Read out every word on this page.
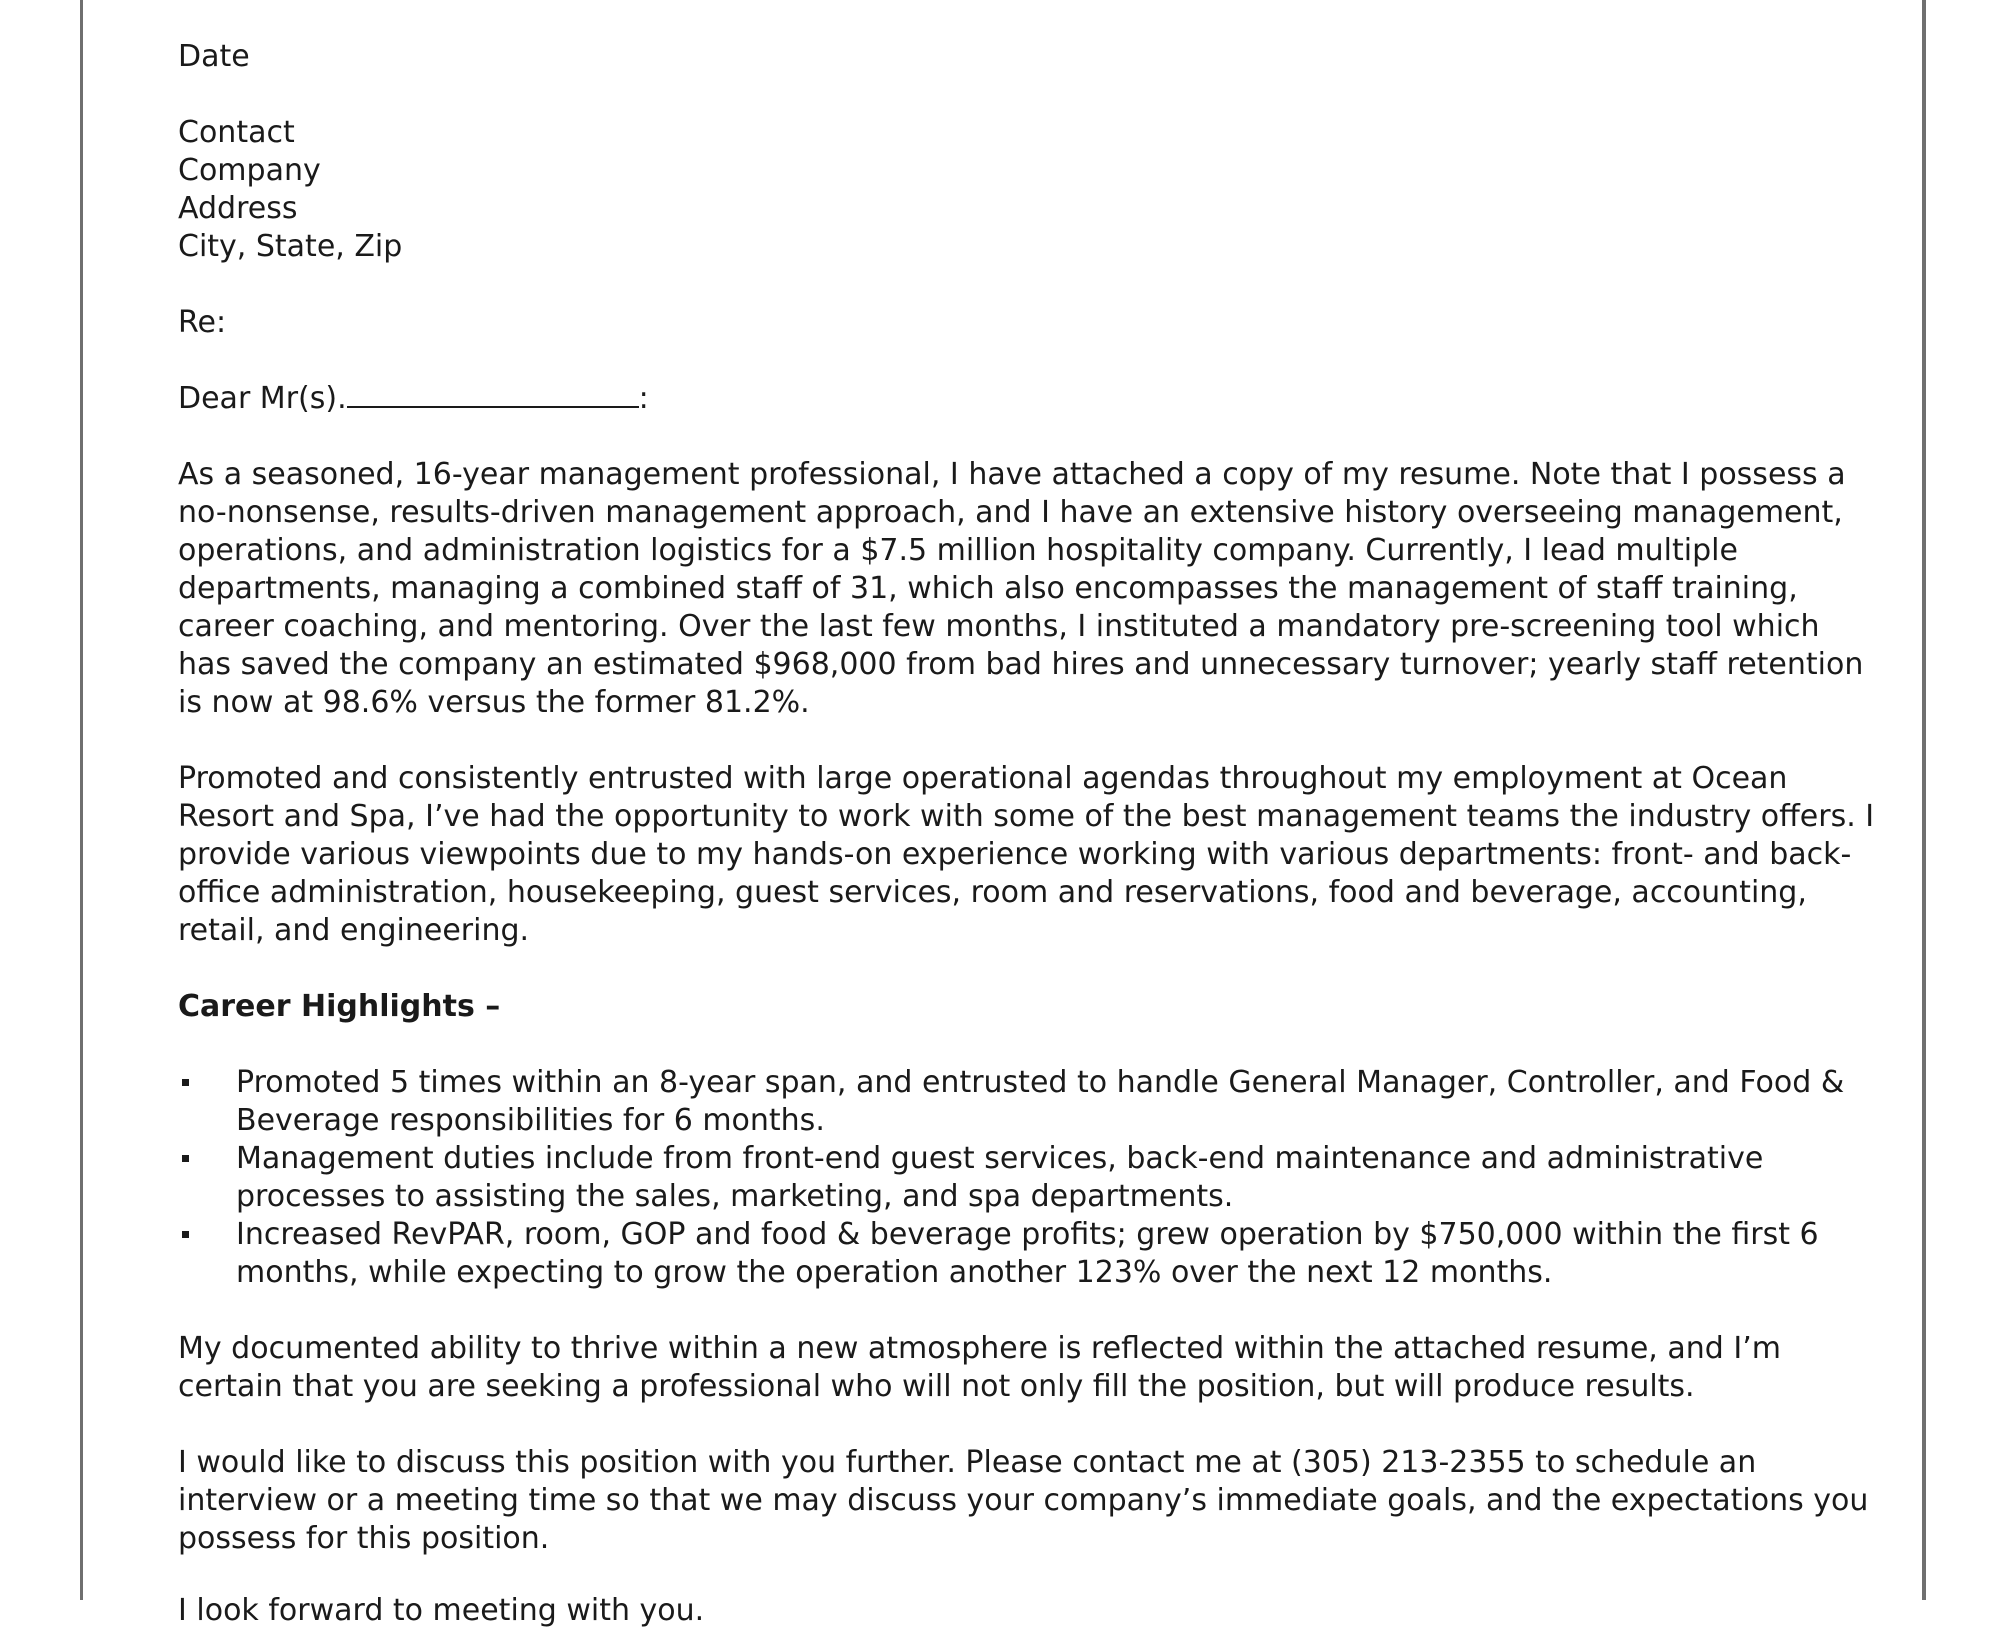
Date

Contact
Company
Address
City, State, Zip

Re:

Dear Mr(s).	:

As a seasoned, 16-year management professional, I have attached a copy of my resume. Note that I possess a no-nonsense, results-driven management approach, and I have an extensive history overseeing management, operations, and administration logistics for a $7.5 million hospitality company. Currently, I lead multiple departments, managing a combined staff of 31, which also encompasses the management of staff training, career coaching, and mentoring. Over the last few months, I instituted a mandatory pre-screening tool which has saved the company an estimated $968,000 from bad hires and unnecessary turnover; yearly staff retention is now at 98.6% versus the former 81.2%.

Promoted and consistently entrusted with large operational agendas throughout my employment at Ocean Resort and Spa, I’ve had the opportunity to work with some of the best management teams the industry offers. I provide various viewpoints due to my hands-on experience working with various departments: front- and back-office administration, housekeeping, guest services, room and reservations, food and beverage, accounting, retail, and engineering.

Career Highlights –

Promoted 5 times within an 8-year span, and entrusted to handle General Manager, Controller, and Food & Beverage responsibilities for 6 months.
Management duties include from front-end guest services, back-end maintenance and administrative processes to assisting the sales, marketing, and spa departments.
Increased RevPAR, room, GOP and food & beverage profits; grew operation by $750,000 within the first 6 months, while expecting to grow the operation another 123% over the next 12 months.

My documented ability to thrive within a new atmosphere is reflected within the attached resume, and I’m certain that you are seeking a professional who will not only fill the position, but will produce results.

I would like to discuss this position with you further. Please contact me at (305) 213-2355 to schedule an interview or a meeting time so that we may discuss your company’s immediate goals, and the expectations you possess for this position.

I look forward to meeting with you.
